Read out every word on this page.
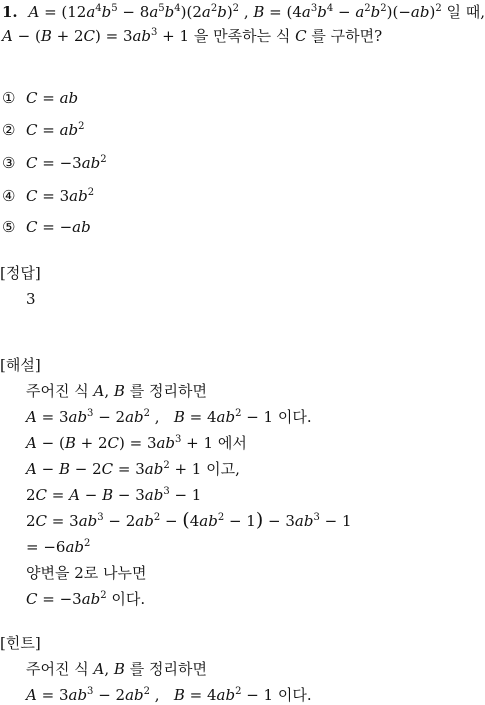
1. $A = (12a^4b^5 - 8a^5b^4)(2a^2b)^2$ , $B = (4a^3b^4 - a^2b^2)(-ab)^2$ 일 때,
$A - (B + 2C) = 3ab^3 + 1$ 을 만족하는 식 C 를 구하면?
① C = ab
② $C = ab^2$
③ $C = -3ab^2$
④ $C = 3ab^2$
⑤ C = −ab
[정답]
3
[해설]
주어진 식 A, B 를 정리하면
$A = 3ab^3 - 2ab^2$ ,   $B = 4ab^2 - 1$ 이다.
$A - (B + 2C) = 3ab^3 + 1$ 에서
$A - B - 2C = 3ab^2 + 1$ 이고,
$2C = A - B - 3ab^3 - 1$
$2C = 3ab^3 - 2ab^2 - (4ab^2 - 1) - 3ab^3 - 1$
= $-6ab^2$
양변을 2로 나누면
$C = -3ab^2$ 이다.
[힌트]
주어진 식 A, B 를 정리하면
$A = 3ab^3 - 2ab^2$ ,   $B = 4ab^2 - 1$ 이다.
